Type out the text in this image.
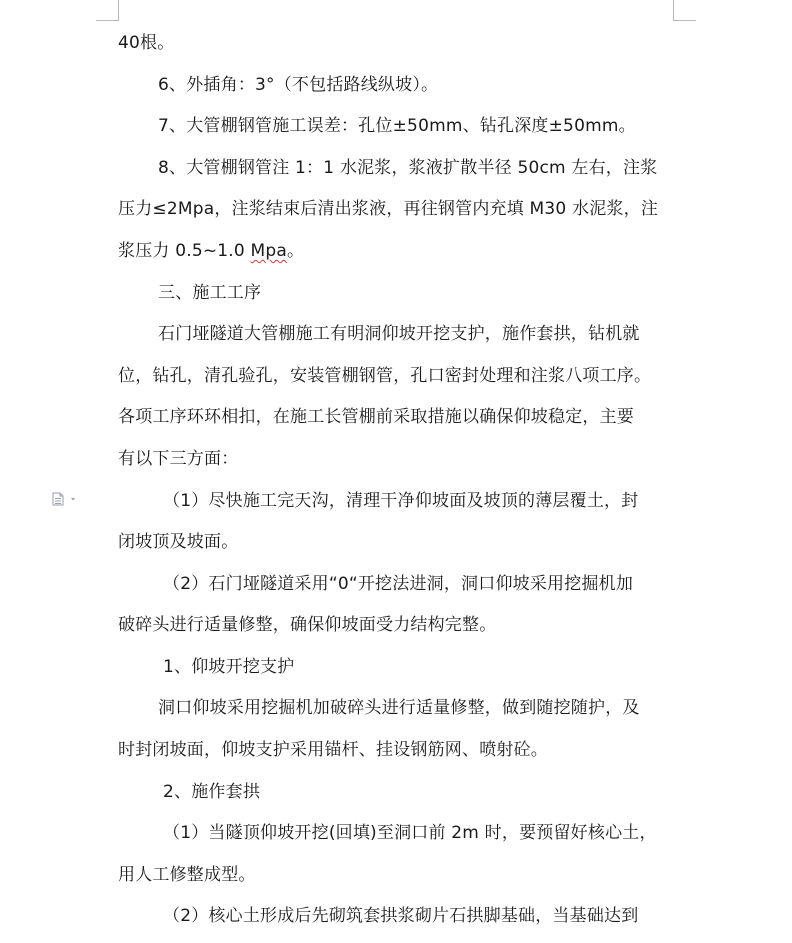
40根。
6、外插角：3°（不包括路线纵坡）。
7、大管棚钢管施工误差：孔位±50mm、钻孔深度±50mm。
8、大管棚钢管注 1：1 水泥浆，浆液扩散半径 50cm 左右，注浆
压力≤2Mpa，注浆结束后清出浆液，再往钢管内充填 M30 水泥浆，注
浆压力 0.5~1.0 Mpa。
三、施工工序
石门垭隧道大管棚施工有明洞仰坡开挖支护，施作套拱，钻机就
位，钻孔，清孔验孔，安装管棚钢管，孔口密封处理和注浆八项工序。
各项工序环环相扣，在施工长管棚前采取措施以确保仰坡稳定，主要
有以下三方面：
（1）尽快施工完天沟，清理干净仰坡面及坡顶的薄层覆土，封
闭坡顶及坡面。
（2）石门垭隧道采用“0“开挖法进洞，洞口仰坡采用挖掘机加
破碎头进行适量修整，确保仰坡面受力结构完整。
1、仰坡开挖支护
洞口仰坡采用挖掘机加破碎头进行适量修整，做到随挖随护，及
时封闭坡面，仰坡支护采用锚杆、挂设钢筋网、喷射砼。
2、施作套拱
（1）当隧顶仰坡开挖(回填)至洞口前 2m 时，要预留好核心土，
用人工修整成型。
（2）核心土形成后先砌筑套拱浆砌片石拱脚基础，当基础达到
